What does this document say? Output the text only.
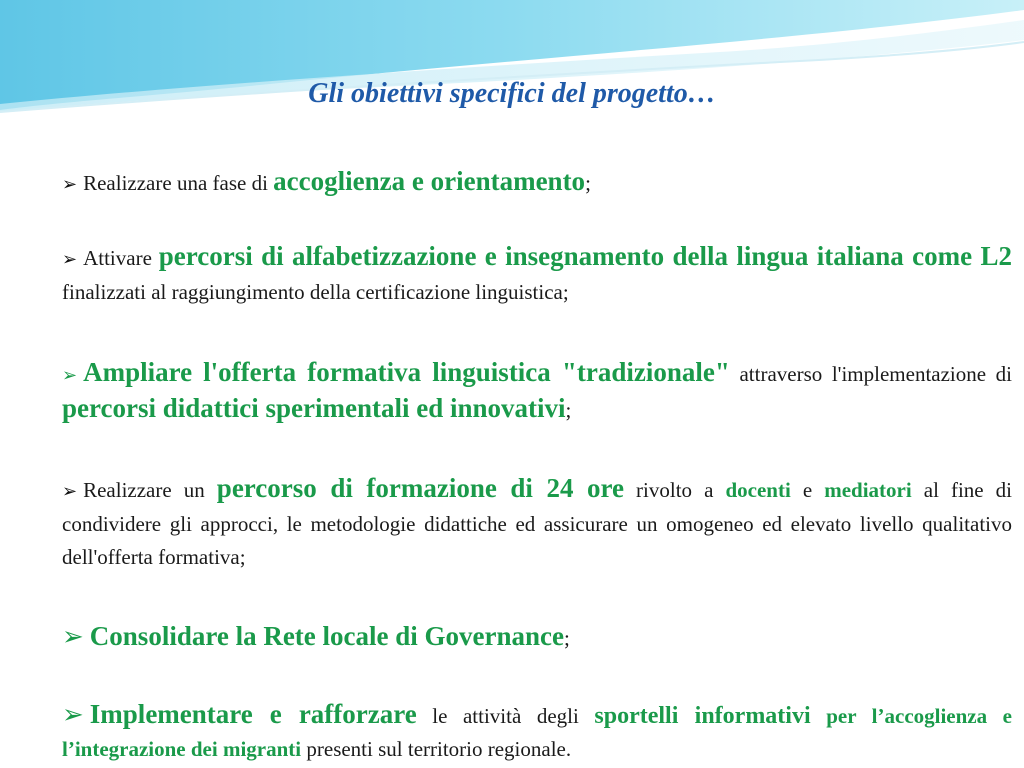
Gli obiettivi specifici del progetto…

➢ Realizzare una fase di accoglienza e orientamento;

➢ Attivare percorsi di alfabetizzazione e insegnamento della lingua italiana come L2 finalizzati al raggiungimento della certificazione linguistica;

➢ Ampliare l'offerta formativa linguistica "tradizionale" attraverso l'implementazione di percorsi didattici sperimentali ed innovativi;

➢ Realizzare un percorso di formazione di 24 ore rivolto a docenti e mediatori al fine di condividere gli approcci, le metodologie didattiche ed assicurare un omogeneo ed elevato livello qualitativo dell'offerta formativa;

➢ Consolidare la Rete locale di Governance;

➢ Implementare e rafforzare le attività degli sportelli informativi per l’accoglienza e l’integrazione dei migranti presenti sul territorio regionale.
